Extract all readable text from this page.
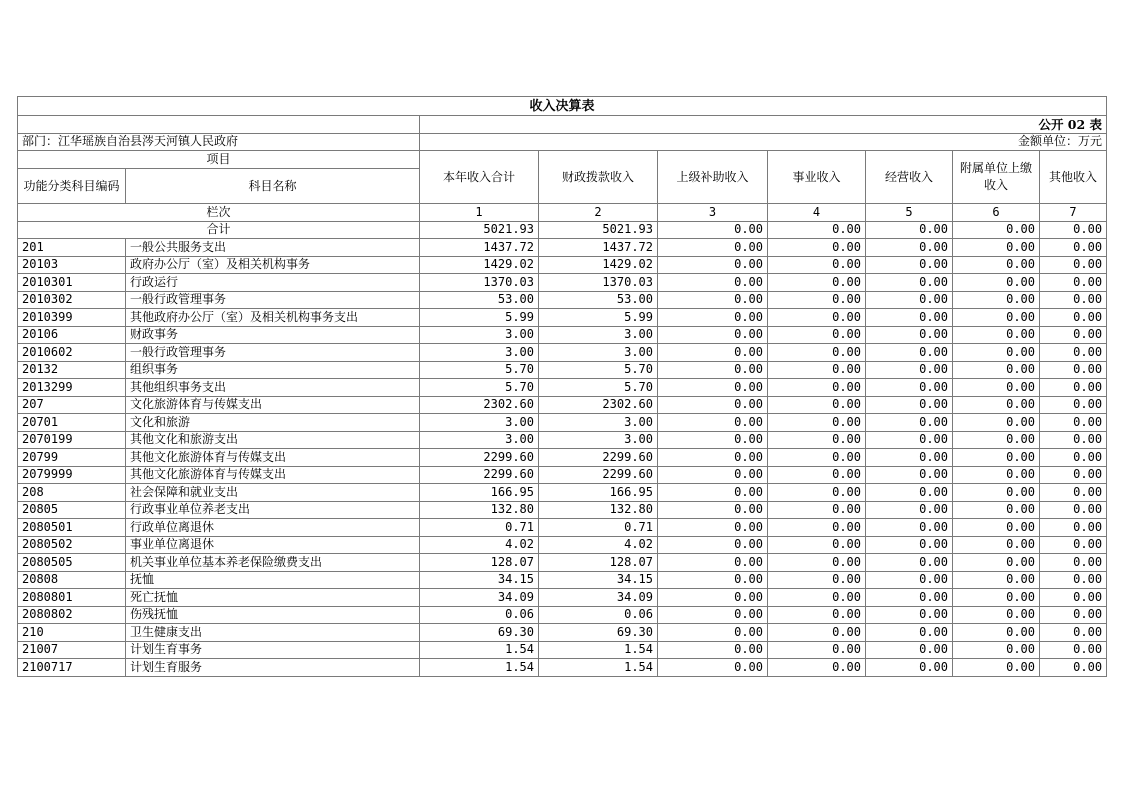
收入决算表								
		公开 02 表						
部门：江华瑶族自治县涔天河镇人民政府		金额单位：万元						
项目		本年收入合计	财政拨款收入	上级补助收入	事业收入	经营收入	附属单位上缴收入	其他收入
功能分类科目编码	科目名称							
栏次		1	2	3	4	5	6	7
合计		5021.93	5021.93	0.00	0.00	0.00	0.00	0.00
201	一般公共服务支出	1437.72	1437.72	0.00	0.00	0.00	0.00	0.00
20103	政府办公厅（室）及相关机构事务	1429.02	1429.02	0.00	0.00	0.00	0.00	0.00
2010301	行政运行	1370.03	1370.03	0.00	0.00	0.00	0.00	0.00
2010302	一般行政管理事务	53.00	53.00	0.00	0.00	0.00	0.00	0.00
2010399	其他政府办公厅（室）及相关机构事务支出	5.99	5.99	0.00	0.00	0.00	0.00	0.00
20106	财政事务	3.00	3.00	0.00	0.00	0.00	0.00	0.00
2010602	一般行政管理事务	3.00	3.00	0.00	0.00	0.00	0.00	0.00
20132	组织事务	5.70	5.70	0.00	0.00	0.00	0.00	0.00
2013299	其他组织事务支出	5.70	5.70	0.00	0.00	0.00	0.00	0.00
207	文化旅游体育与传媒支出	2302.60	2302.60	0.00	0.00	0.00	0.00	0.00
20701	文化和旅游	3.00	3.00	0.00	0.00	0.00	0.00	0.00
2070199	其他文化和旅游支出	3.00	3.00	0.00	0.00	0.00	0.00	0.00
20799	其他文化旅游体育与传媒支出	2299.60	2299.60	0.00	0.00	0.00	0.00	0.00
2079999	其他文化旅游体育与传媒支出	2299.60	2299.60	0.00	0.00	0.00	0.00	0.00
208	社会保障和就业支出	166.95	166.95	0.00	0.00	0.00	0.00	0.00
20805	行政事业单位养老支出	132.80	132.80	0.00	0.00	0.00	0.00	0.00
2080501	行政单位离退休	0.71	0.71	0.00	0.00	0.00	0.00	0.00
2080502	事业单位离退休	4.02	4.02	0.00	0.00	0.00	0.00	0.00
2080505	机关事业单位基本养老保险缴费支出	128.07	128.07	0.00	0.00	0.00	0.00	0.00
20808	抚恤	34.15	34.15	0.00	0.00	0.00	0.00	0.00
2080801	死亡抚恤	34.09	34.09	0.00	0.00	0.00	0.00	0.00
2080802	伤残抚恤	0.06	0.06	0.00	0.00	0.00	0.00	0.00
210	卫生健康支出	69.30	69.30	0.00	0.00	0.00	0.00	0.00
21007	计划生育事务	1.54	1.54	0.00	0.00	0.00	0.00	0.00
2100717	计划生育服务	1.54	1.54	0.00	0.00	0.00	0.00	0.00
